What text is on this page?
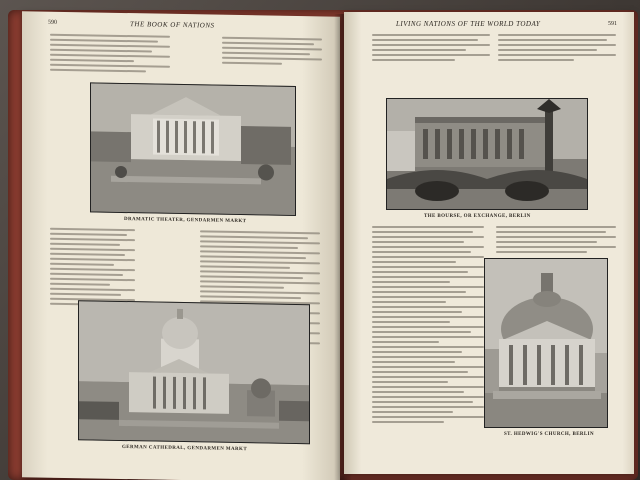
590	THE BOOK OF NATIONS
DRAMATIC THEATER, GENDARMEN MARKT
GERMAN CATHEDRAL, GENDARMEN MARKT
LIVING NATIONS OF THE WORLD TODAY	591
THE BOURSE, OR EXCHANGE, BERLIN
ST. HEDWIG'S CHURCH, BERLIN
